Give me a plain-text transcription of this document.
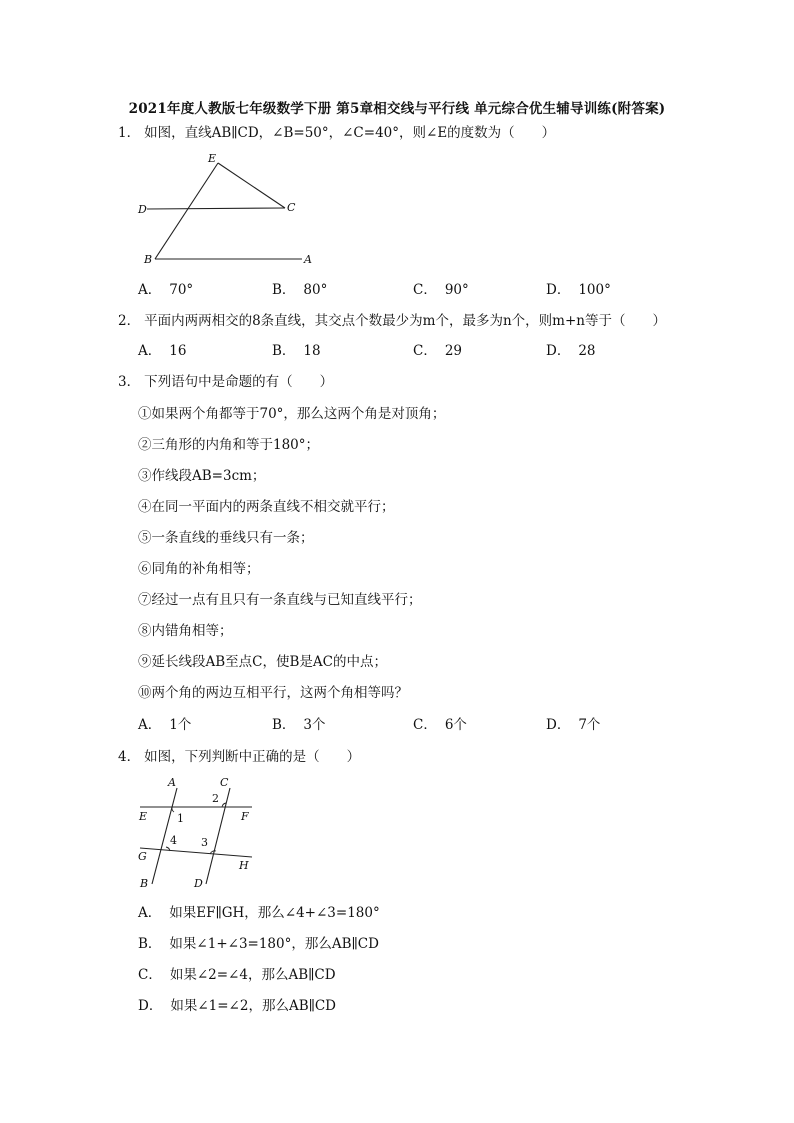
2021年度人教版七年级数学下册 第5章相交线与平行线 单元综合优生辅导训练(附答案)
1． 如图，直线AB∥CD，∠B=50°，∠C=40°，则∠E的度数为（　　）
E
D	C
B	A
A． 70°	B． 80°	C． 90°	D． 100°
2． 平面内两两相交的8条直线，其交点个数最少为m个，最多为n个，则m+n等于（　　）
A． 16	B． 18	C． 29	D． 28
3． 下列语句中是命题的有（　　）
①如果两个角都等于70°，那么这两个角是对顶角；
②三角形的内角和等于180°；
③作线段AB=3cm；
④在同一平面内的两条直线不相交就平行；
⑤一条直线的垂线只有一条；
⑥同角的补角相等；
⑦经过一点有且只有一条直线与已知直线平行；
⑧内错角相等；
⑨延长线段AB至点C，使B是AC的中点；
⑩两个角的两边互相平行，这两个角相等吗？
A． 1个	B． 3个	C． 6个	D． 7个
4． 如图，下列判断中正确的是（　　）
A	C
2
E	1	F
G
4 3
H
B	D
A． 如果EF∥GH，那么∠4+∠3=180°
B． 如果∠1+∠3=180°，那么AB∥CD
C． 如果∠2=∠4，那么AB∥CD
D． 如果∠1=∠2，那么AB∥CD
